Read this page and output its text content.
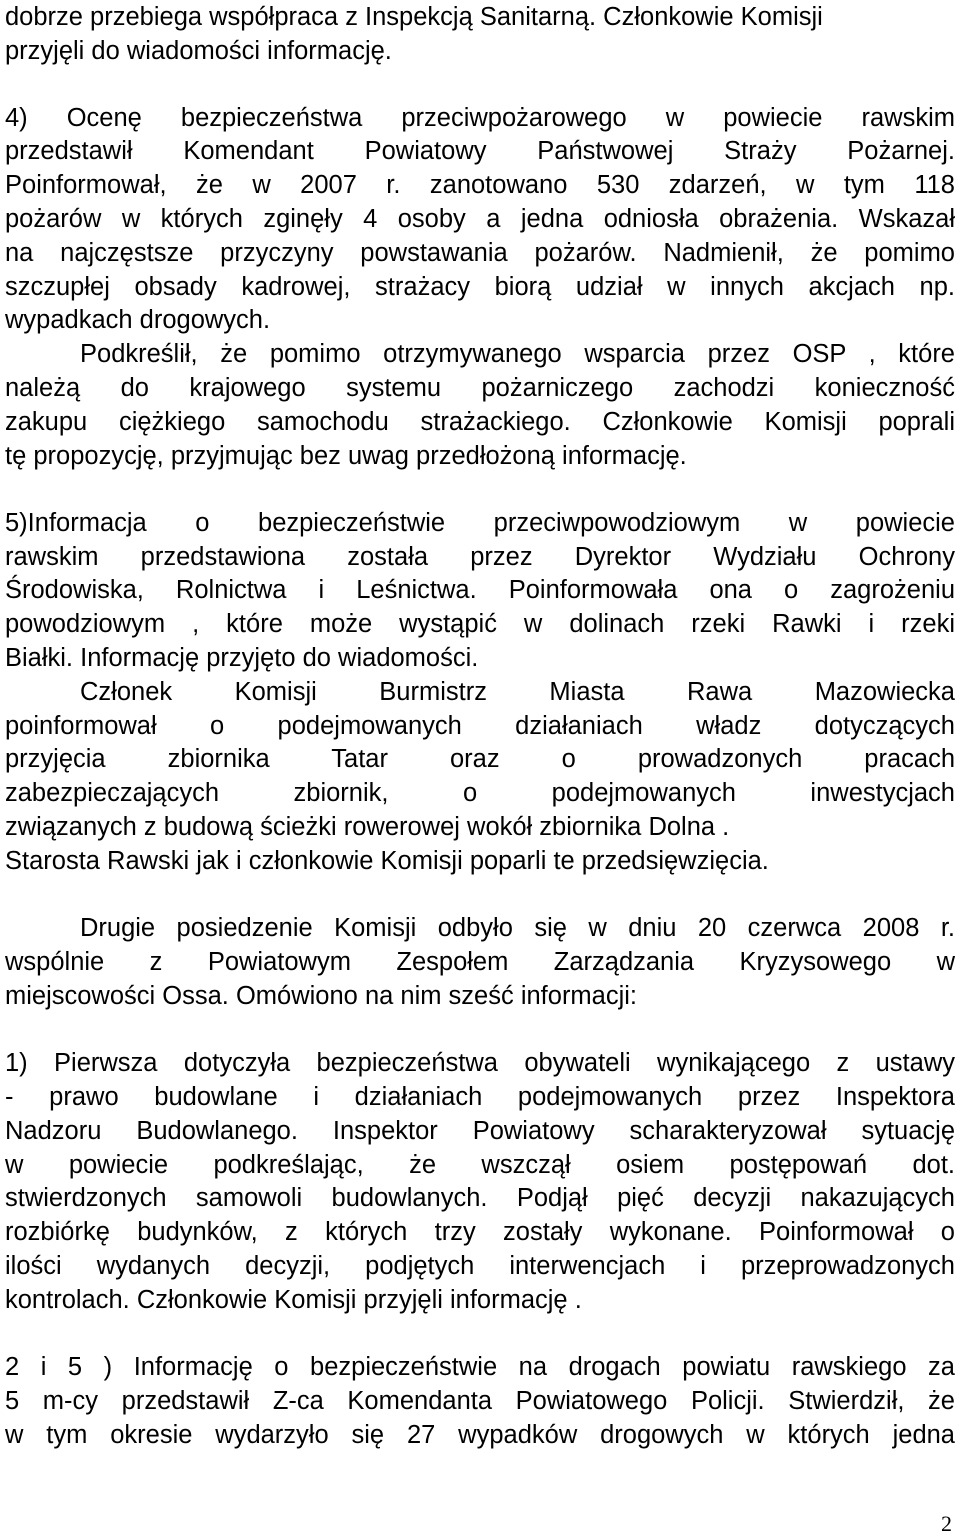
dobrze przebiega współpraca z Inspekcją Sanitarną. Członkowie Komisji
przyjęli do wiadomości informację.
4) Ocenę bezpieczeństwa przeciwpożarowego w powiecie rawskim
przedstawił Komendant Powiatowy Państwowej Straży Pożarnej.
Poinformował, że w 2007 r. zanotowano 530 zdarzeń, w tym 118
pożarów w których zginęły 4 osoby a jedna odniosła obrażenia. Wskazał
na najczęstsze przyczyny powstawania pożarów. Nadmienił, że pomimo
szczupłej obsady kadrowej, strażacy biorą udział w innych akcjach np.
wypadkach drogowych.
Podkreślił, że pomimo otrzymywanego wsparcia przez OSP , które
należą do krajowego systemu pożarniczego zachodzi konieczność
zakupu ciężkiego samochodu strażackiego. Członkowie Komisji poprali
tę propozycję, przyjmując bez uwag przedłożoną informację.
5)Informacja o bezpieczeństwie przeciwpowodziowym w powiecie
rawskim przedstawiona została przez Dyrektor Wydziału Ochrony
Środowiska, Rolnictwa i Leśnictwa. Poinformowała ona o zagrożeniu
powodziowym , które może wystąpić w dolinach rzeki Rawki i rzeki
Białki. Informację przyjęto do wiadomości.
Członek Komisji Burmistrz Miasta Rawa Mazowiecka
poinformował o podejmowanych działaniach władz dotyczących
przyjęcia zbiornika Tatar oraz o prowadzonych pracach
zabezpieczających zbiornik, o podejmowanych inwestycjach
związanych z budową ścieżki rowerowej wokół zbiornika Dolna .
Starosta Rawski jak i członkowie Komisji poparli te przedsięwzięcia.
Drugie posiedzenie Komisji odbyło się w dniu 20 czerwca 2008 r.
wspólnie z Powiatowym Zespołem Zarządzania Kryzysowego w
miejscowości Ossa. Omówiono na nim sześć informacji:
1) Pierwsza dotyczyła bezpieczeństwa obywateli wynikającego z ustawy
- prawo budowlane i działaniach podejmowanych przez Inspektora
Nadzoru Budowlanego. Inspektor Powiatowy scharakteryzował sytuację
w powiecie podkreślając, że wszczął osiem postępowań dot.
stwierdzonych samowoli budowlanych. Podjął pięć decyzji nakazujących
rozbiórkę budynków, z których trzy zostały wykonane. Poinformował o
ilości wydanych decyzji, podjętych interwencjach i przeprowadzonych
kontrolach. Członkowie Komisji przyjęli informację .
2 i 5 ) Informację o bezpieczeństwie na drogach powiatu rawskiego za
5 m-cy przedstawił Z-ca Komendanta Powiatowego Policji. Stwierdził, że
w tym okresie wydarzyło się 27 wypadków drogowych w których jedna
2
